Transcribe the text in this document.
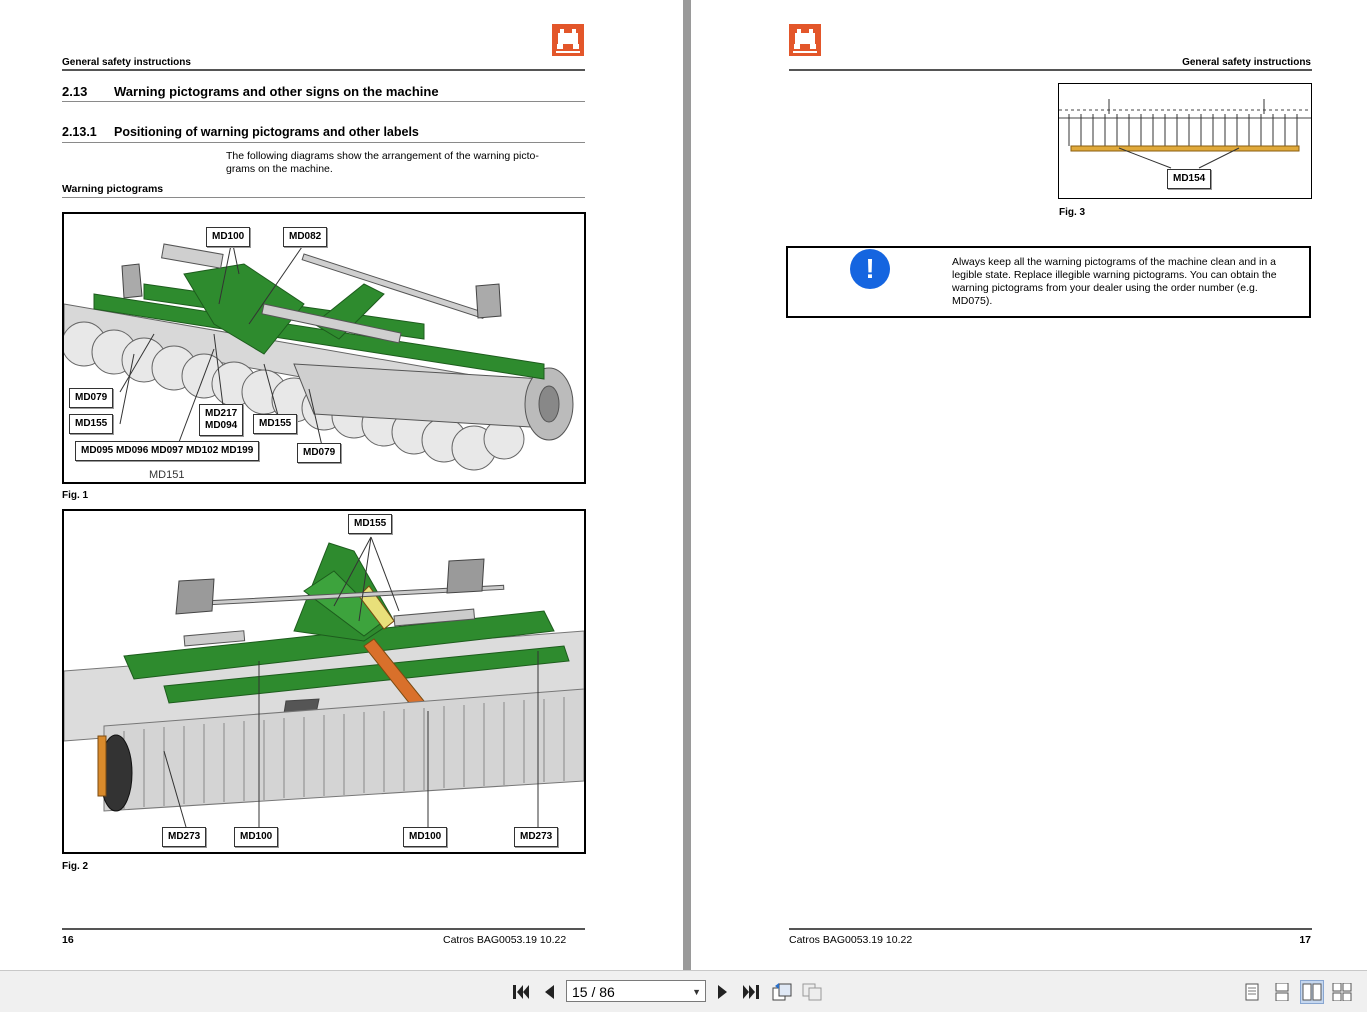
General safety instructions
2.13 Warning pictograms and other signs on the machine
2.13.1 Positioning of warning pictograms and other labels
The following diagrams show the arrangement of the warning picto-
grams on the machine.
Warning pictograms
MD100	MD082
MD079
MD155
MD217
MD094	MD155
MD095 MD096 MD097 MD102 MD199	MD079
MD151
Fig. 1
MD155
MD273	MD100	MD100	MD273
Fig. 2
16	Catros BAG0053.19 10.22
General safety instructions
MD154
Fig. 3
!	Always keep all the warning pictograms of the machine clean and in a
legible state. Replace illegible warning pictograms. You can obtain the
warning pictograms from your dealer using the order number (e.g.
MD075).
Catros BAG0053.19 10.22	17
15 / 86	▼
